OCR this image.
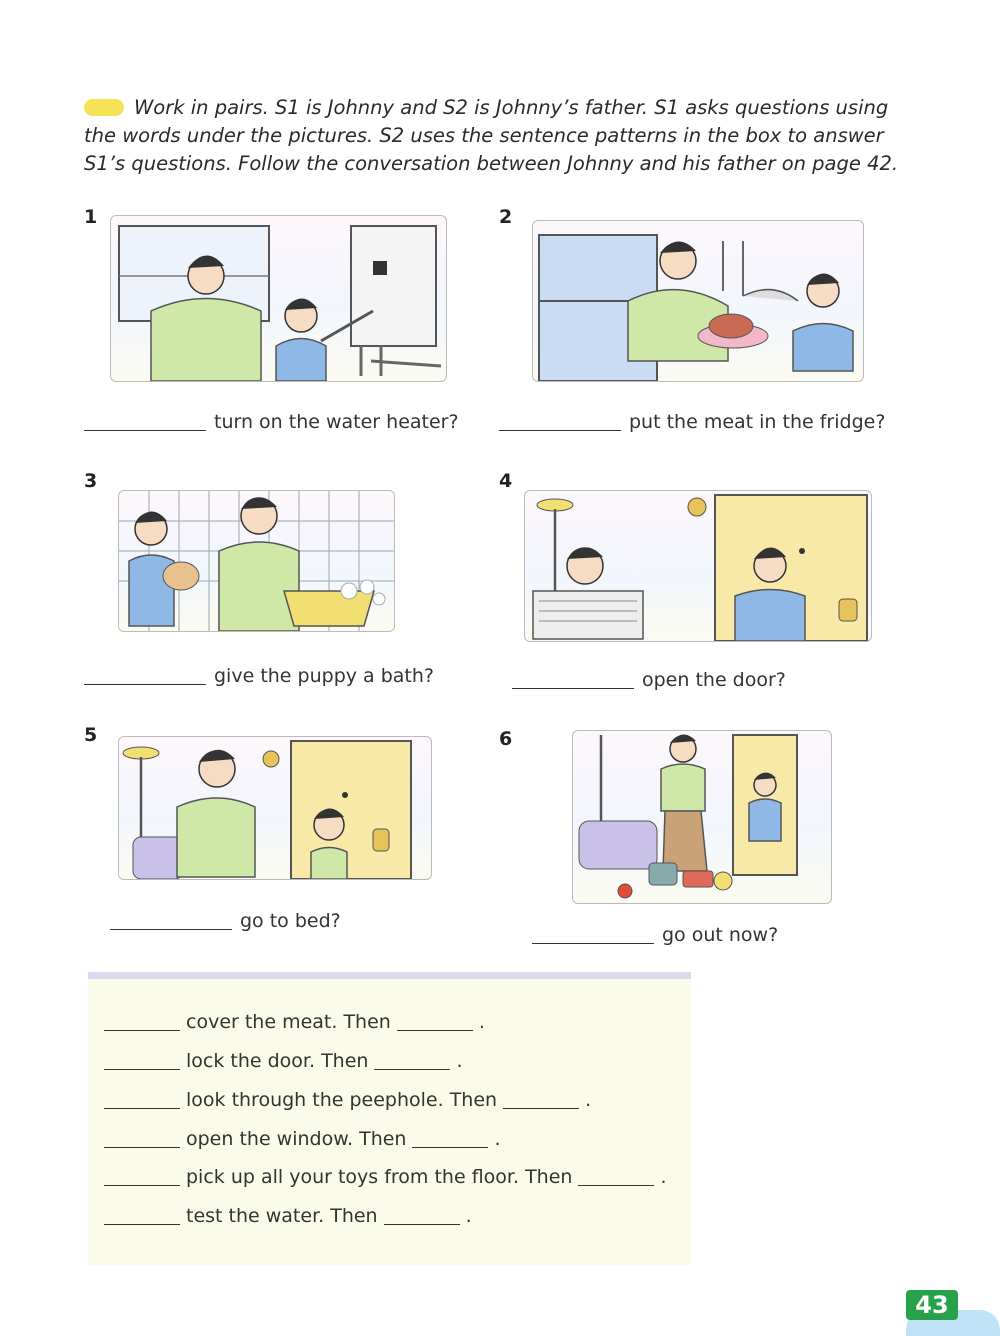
Work in pairs. S1 is Johnny and S2 is Johnny’s father. S1 asks questions using the words under the pictures. S2 uses the sentence patterns in the box to answer S1’s questions. Follow the conversation between Johnny and his father on page 42.
1
turn on the water heater?
2
put the meat in the fridge?
3
give the puppy a bath?
4
open the door?
5
go to bed?
6
go out now?
cover the meat. Then	.
lock the door. Then	.
look through the peephole. Then	.
open the window. Then	.
pick up all your toys from the floor. Then	.
test the water. Then	.
43
